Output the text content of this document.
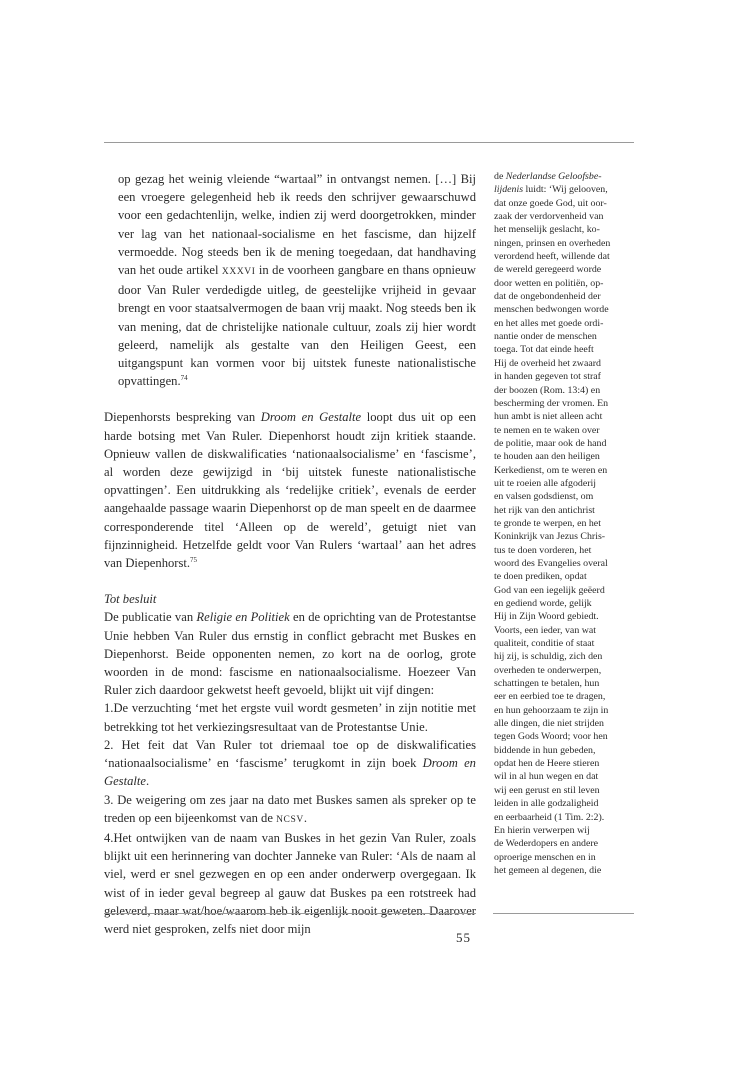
op gezag het weinig vleiende “wartaal” in ontvangst nemen. […] Bij een vroegere gelegenheid heb ik reeds den schrijver gewaarschuwd voor een gedachtenlijn, welke, indien zij werd doorgetrokken, minder ver lag van het nationaal-socialisme en het fascisme, dan hijzelf vermoedde. Nog steeds ben ik de mening toegedaan, dat handhaving van het oude artikel XXXVI in de voorheen gangbare en thans opnieuw door Van Ruler verdedigde uitleg, de geestelijke vrijheid in gevaar brengt en voor staatsalvermogen de baan vrij maakt. Nog steeds ben ik van mening, dat de christelijke nationale cultuur, zoals zij hier wordt geleerd, namelijk als gestalte van den Heiligen Geest, een uitgangspunt kan vormen voor bij uitstek funeste nationalistische opvattingen.$^{74}$

Diepenhorsts bespreking van Droom en Gestalte loopt dus uit op een harde botsing met Van Ruler. Diepenhorst houdt zijn kritiek staande. Opnieuw vallen de diskwalificaties ‘nationaalsocialisme’ en ‘fascisme’, al worden deze gewijzigd in ‘bij uitstek funeste nationalistische opvattingen’. Een uitdrukking als ‘redelijke critiek’, evenals de eerder aangehaalde passage waarin Diepenhorst op de man speelt en de daarmee corresponderende titel ‘Alleen op de wereld’, getuigt niet van fijnzinnigheid. Hetzelfde geldt voor Van Rulers ‘wartaal’ aan het adres van Diepenhorst.$^{75}$

Tot besluit

De publicatie van Religie en Politiek en de oprichting van de Protestantse Unie hebben Van Ruler dus ernstig in conflict gebracht met Buskes en Diepenhorst. Beide opponenten nemen, zo kort na de oorlog, grote woorden in de mond: fascisme en nationaalsocialisme. Hoezeer Van Ruler zich daardoor gekwetst heeft gevoeld, blijkt uit vijf dingen:

1.De verzuchting ‘met het ergste vuil wordt gesmeten’ in zijn notitie met betrekking tot het verkiezingsresultaat van de Protestantse Unie.

2. Het feit dat Van Ruler tot driemaal toe op de diskwalificaties ‘nationaalsocialisme’ en ‘fascisme’ terugkomt in zijn boek Droom en Gestalte.

3. De weigering om zes jaar na dato met Buskes samen als spreker op te treden op een bijeenkomst van de NCSV.

4.Het ontwijken van de naam van Buskes in het gezin Van Ruler, zoals blijkt uit een herinnering van dochter Janneke van Ruler: ‘Als de naam al viel, werd er snel gezwegen en op een ander onderwerp overgegaan. Ik wist of in ieder geval begreep al gauw dat Buskes pa een rotstreek had geleverd, maar wat/hoe/waarom heb ik eigenlijk nooit geweten. Daarover werd niet gesproken, zelfs niet door mijn

de Nederlandse Geloofsbe-

lijdenis luidt: ‘Wij gelooven,

dat onze goede God, uit oor-

zaak der verdorvenheid van

het menselijk geslacht, ko-

ningen, prinsen en overheden

verordend heeft, willende dat

de wereld geregeerd worde

door wetten en politiën, op-

dat de ongebondenheid der

menschen bedwongen worde

en het alles met goede ordi-

nantie onder de menschen

toega. Tot dat einde heeft

Hij de overheid het zwaard

in handen gegeven tot straf

der boozen (Rom. 13:4) en

bescherming der vromen. En

hun ambt is niet alleen acht

te nemen en te waken over

de politie, maar ook de hand

te houden aan den heiligen

Kerkedienst, om te weren en

uit te roeien alle afgoderij

en valsen godsdienst, om

het rijk van den antichrist

te gronde te werpen, en het

Koninkrijk van Jezus Chris-

tus te doen vorderen, het

woord des Evangelies overal

te doen prediken, opdat

God van een iegelijk geëerd

en gediend worde, gelijk

Hij in Zijn Woord gebiedt.

Voorts, een ieder, van wat

qualiteit, conditie of staat

hij zij, is schuldig, zich den

overheden te onderwerpen,

schattingen te betalen, hun

eer en eerbied toe te dragen,

en hun gehoorzaam te zijn in

alle dingen, die niet strijden

tegen Gods Woord; voor hen

biddende in hun gebeden,

opdat hen de Heere stieren

wil in al hun wegen en dat

wij een gerust en stil leven

leiden in alle godzaligheid

en eerbaarheid (1 Tim. 2:2).

En hierin verwerpen wij

de Wederdopers en andere

oproerige menschen en in

het gemeen al degenen, die

55
